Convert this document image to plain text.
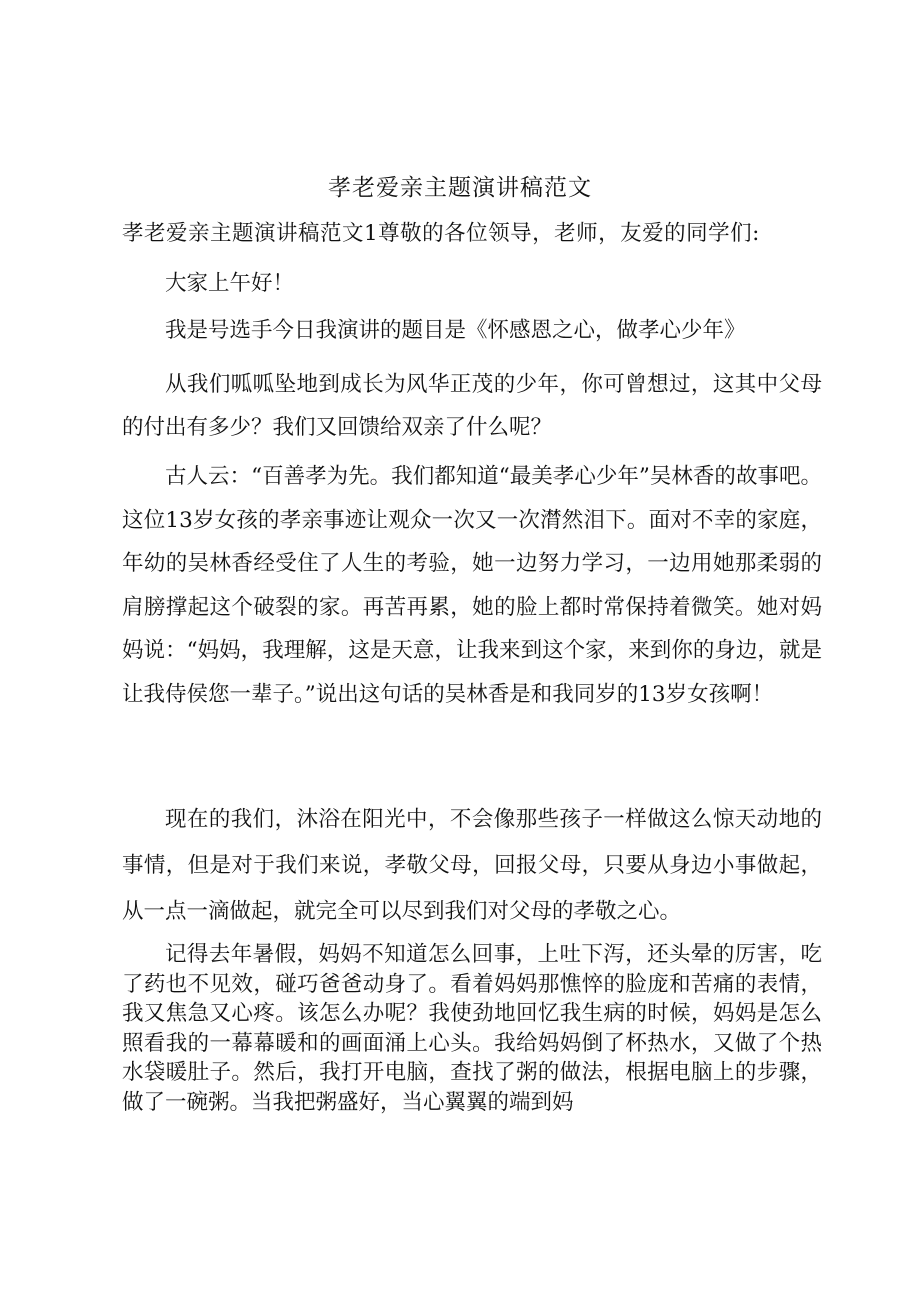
孝老爱亲主题演讲稿范文

孝老爱亲主题演讲稿范文1尊敬的各位领导，老师，友爱的同学们:

大家上午好！

我是号选手今日我演讲的题目是《怀感恩之心，做孝心少年》

从我们呱呱坠地到成长为风华正茂的少年，你可曾想过，这其中父母的付出有多少？我们又回馈给双亲了什么呢？

古人云：“百善孝为先。我们都知道“最美孝心少年”吴林香的故事吧。这位13岁女孩的孝亲事迹让观众一次又一次潸然泪下。面对不幸的家庭，年幼的吴林香经受住了人生的考验，她一边努力学习，一边用她那柔弱的肩膀撑起这个破裂的家。再苦再累，她的脸上都时常保持着微笑。她对妈妈说：“妈妈，我理解，这是天意，让我来到这个家，来到你的身边，就是让我侍侯您一辈子。”说出这句话的吴林香是和我同岁的13岁女孩啊！

现在的我们，沐浴在阳光中，不会像那些孩子一样做这么惊天动地的事情，但是对于我们来说，孝敬父母，回报父母，只要从身边小事做起，从一点一滴做起，就完全可以尽到我们对父母的孝敬之心。

记得去年暑假，妈妈不知道怎么回事，上吐下泻，还头晕的厉害，吃了药也不见效，碰巧爸爸动身了。看着妈妈那憔悴的脸庞和苦痛的表情，我又焦急又心疼。该怎么办呢？我使劲地回忆我生病的时候，妈妈是怎么照看我的一幕幕暖和的画面涌上心头。我给妈妈倒了杯热水，又做了个热水袋暖肚子。然后，我打开电脑，查找了粥的做法，根据电脑上的步骤，做了一碗粥。当我把粥盛好，当心翼翼的端到妈
